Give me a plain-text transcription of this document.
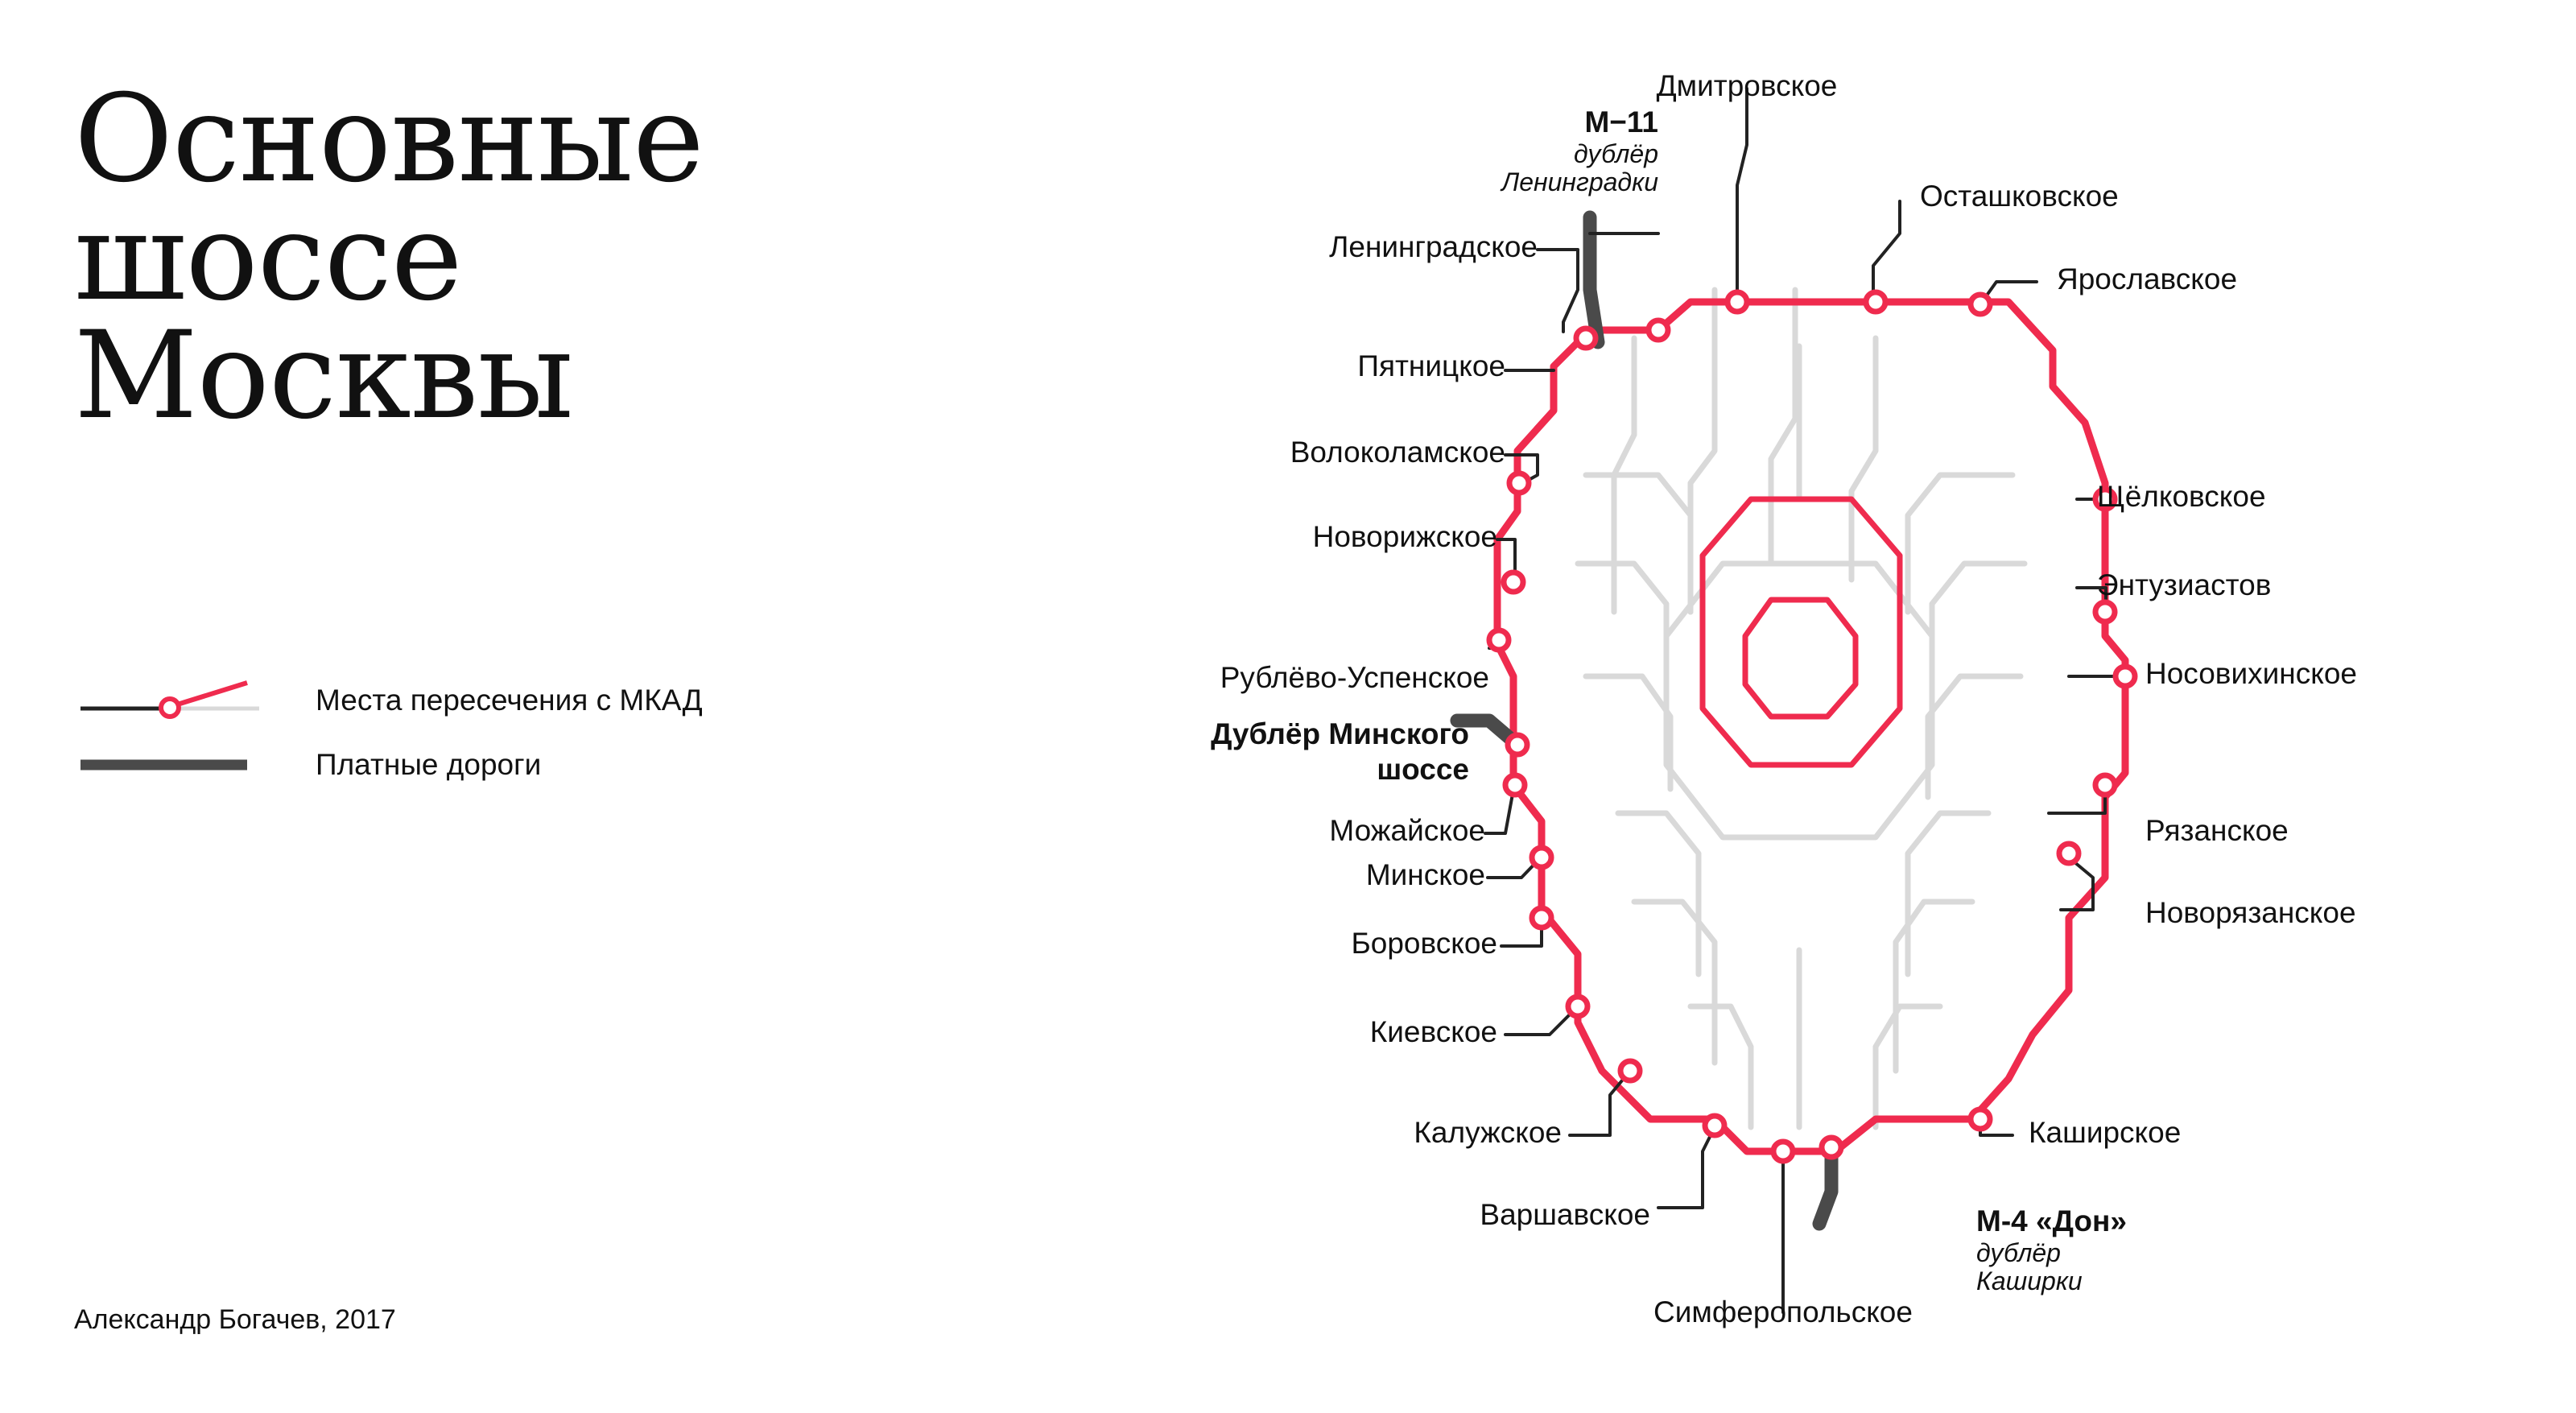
Основные
шоссе
Москвы
Места пересечения с МКАД
Платные дороги
Александр Богачев, 2017
М−11
дублёр
Ленинградки
Дмитровское
Осташковское
Ленинградское
Ярославское
Пятницкое
Волоколамское
Щёлковское
Новорижское
Энтузиастов
Рублёво-Успенское	Носовихинское
Дублёр Минского
шоссе
Можайское	Рязанское
Минское
Новорязанское
Боровское
Киевское
Калужское	Каширское
Варшавское	М-4 «Дон»
дублёр
Каширки
Симферопольское
